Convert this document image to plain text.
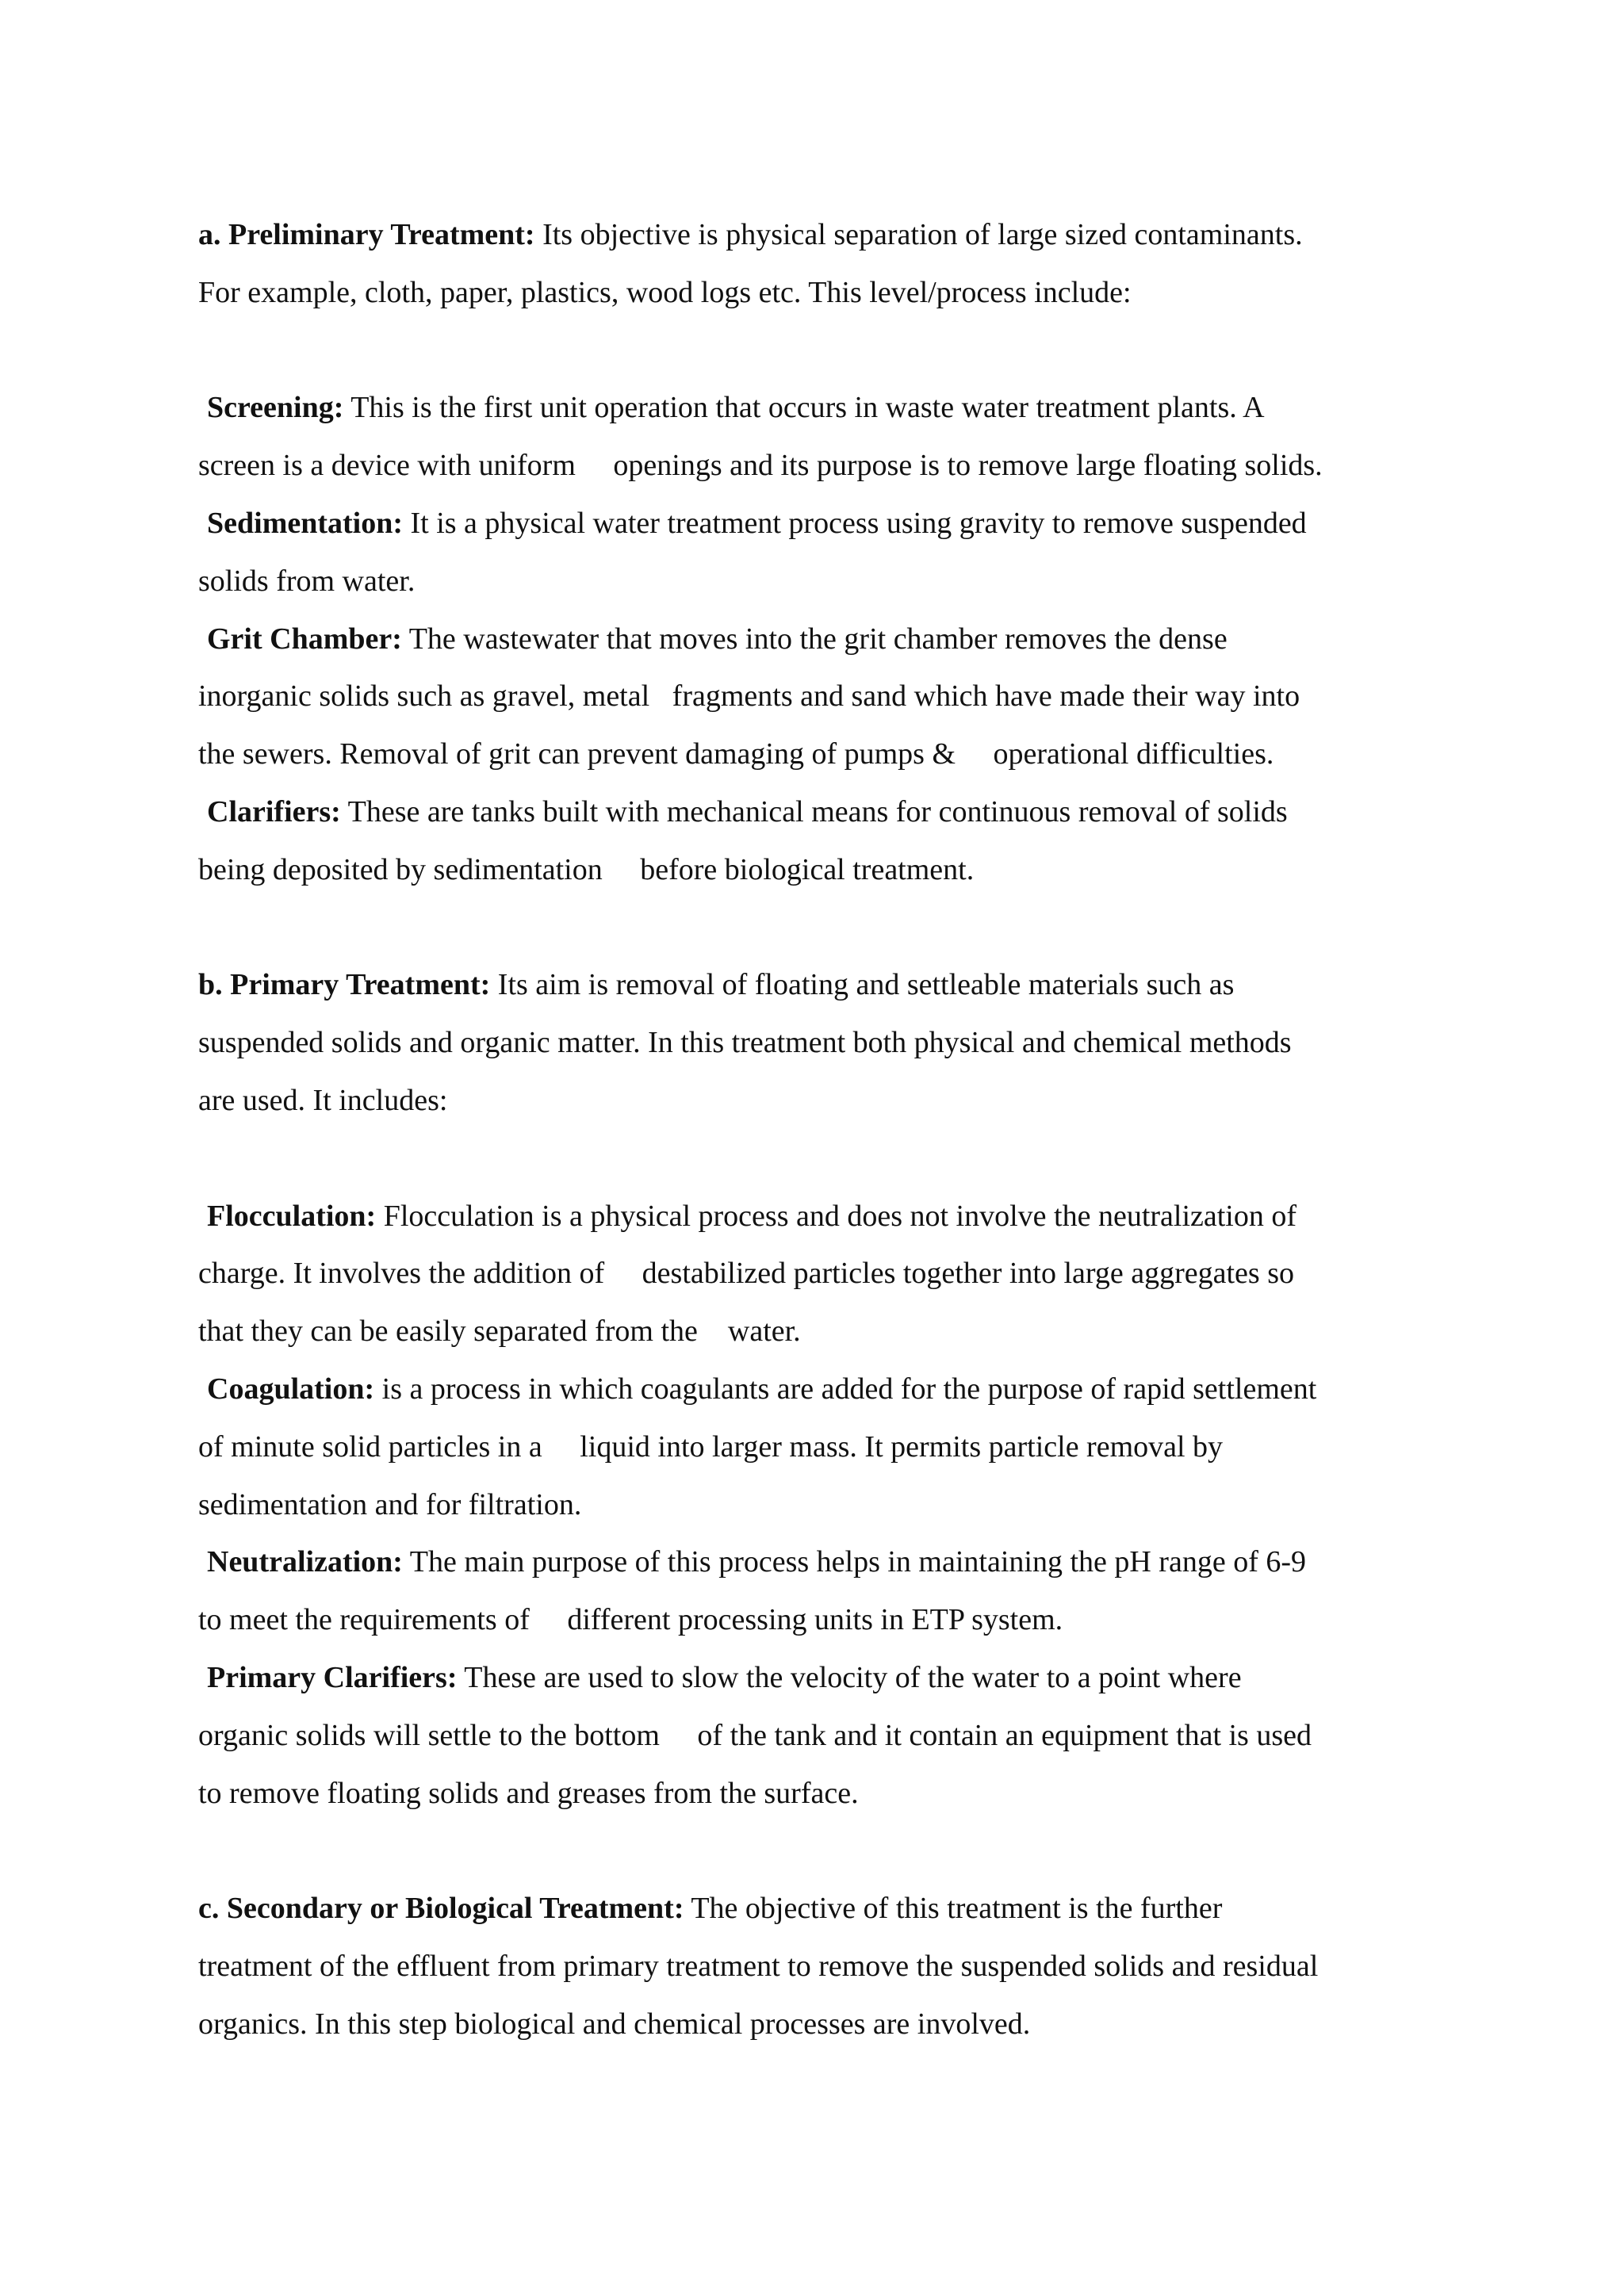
a. Preliminary Treatment: Its objective is physical separation of large sized contaminants.
For example, cloth, paper, plastics, wood logs etc. This level/process include:
Screening: This is the first unit operation that occurs in waste water treatment plants. A
screen is a device with uniform     openings and its purpose is to remove large floating solids.
Sedimentation: It is a physical water treatment process using gravity to remove suspended
solids from water.
Grit Chamber: The wastewater that moves into the grit chamber removes the dense
inorganic solids such as gravel, metal   fragments and sand which have made their way into
the sewers. Removal of grit can prevent damaging of pumps &     operational difficulties.
Clarifiers: These are tanks built with mechanical means for continuous removal of solids
being deposited by sedimentation     before biological treatment.
b. Primary Treatment: Its aim is removal of floating and settleable materials such as
suspended solids and organic matter. In this treatment both physical and chemical methods
are used. It includes:
Flocculation: Flocculation is a physical process and does not involve the neutralization of
charge. It involves the addition of     destabilized particles together into large aggregates so
that they can be easily separated from the    water.
Coagulation: is a process in which coagulants are added for the purpose of rapid settlement
of minute solid particles in a     liquid into larger mass. It permits particle removal by
sedimentation and for filtration.
Neutralization: The main purpose of this process helps in maintaining the pH range of 6-9
to meet the requirements of     different processing units in ETP system.
Primary Clarifiers: These are used to slow the velocity of the water to a point where
organic solids will settle to the bottom     of the tank and it contain an equipment that is used
to remove floating solids and greases from the surface.
c. Secondary or Biological Treatment: The objective of this treatment is the further
treatment of the effluent from primary treatment to remove the suspended solids and residual
organics. In this step biological and chemical processes are involved.
